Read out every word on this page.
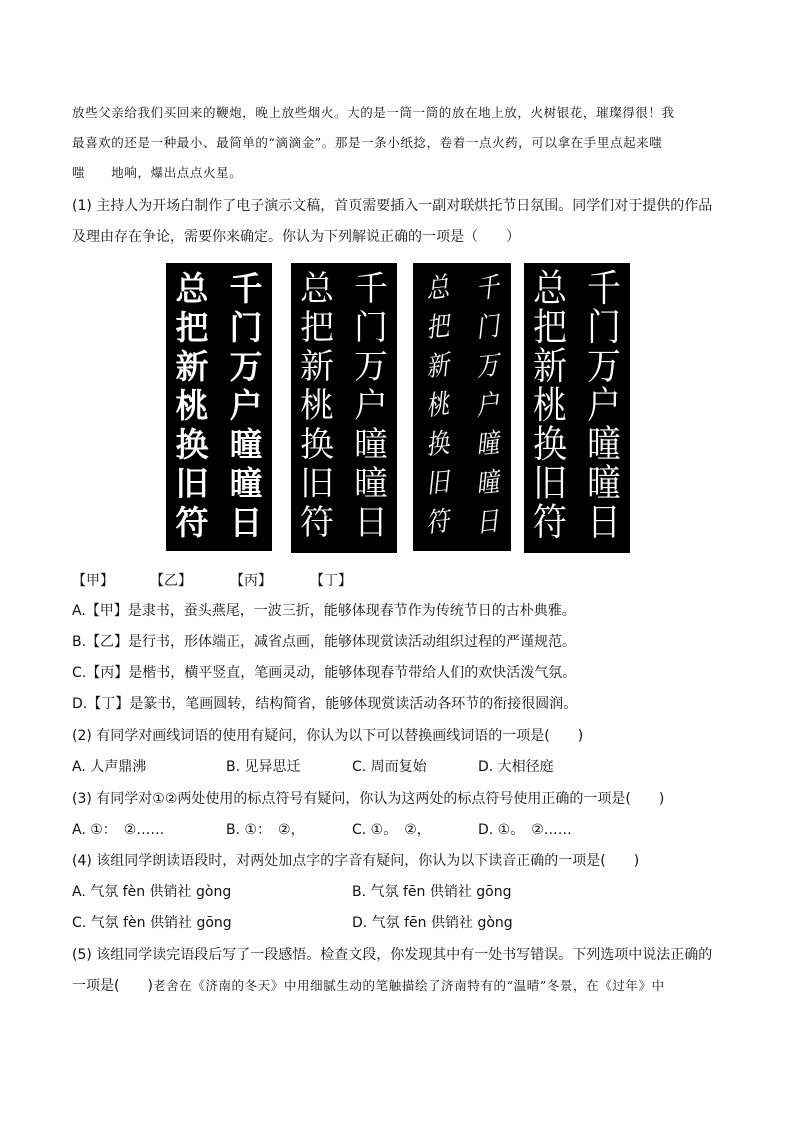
放些父亲给我们买回来的鞭炮，晚上放些烟火。大的是一筒一筒的放在地上放，火树银花，璀璨得很！我
最喜欢的还是一种最小、最简单的“滴滴金”。那是一条小纸捻，卷着一点火药，可以拿在手里点起来嗤
嗤　　地响，爆出点点火星。
(1) 主持人为开场白制作了电子演示文稿，首页需要插入一副对联烘托节日氛围。同学们对于提供的作品
及理由存在争论，需要你来确定。你认为下列解说正确的一项是（　　）
千
门
万
户
曈
曈
日
总
把
新
桃
换
旧
符
千
门
万
户
曈
曈
日
总
把
新
桃
换
旧
符
千
门
万
户
曈
曈
日
总
把
新
桃
换
旧
符
千
门
万
户
曈
曈
日
总
把
新
桃
换
旧
符
【甲】	【乙】	【丙】	【丁】
A.【甲】是隶书，蚕头燕尾，一波三折，能够体现春节作为传统节日的古朴典雅。
B.【乙】是行书，形体端正，减省点画，能够体现赏读活动组织过程的严谨规范。
C.【丙】是楷书，横平竖直，笔画灵动，能够体现春节带给人们的欢快活泼气氛。
D.【丁】是篆书，笔画圆转，结构简省，能够体现赏读活动各环节的衔接很圆润。
(2) 有同学对画线词语的使用有疑问，你认为以下可以替换画线词语的一项是(　　)
A. 人声鼎沸	B. 见异思迁	C. 周而复始	D. 大相径庭
(3) 有同学对①②两处使用的标点符号有疑问，你认为这两处的标点符号使用正确的一项是(　　)
A. ①：　②……	B. ①：　②，	C. ①。　②，	D. ①。　②……
(4) 该组同学朗读语段时，对两处加点字的字音有疑问，你认为以下读音正确的一项是(　　)
A. 气氛 fèn 供销社 gòng	B. 气氛 fēn 供销社 gōng
C. 气氛 fèn 供销社 gōng	D. 气氛 fēn 供销社 gòng
(5) 该组同学读完语段后写了一段感悟。检查文段，你发现其中有一处书写错误。下列选项中说法正确的
一项是(　　)老舍在《济南的冬天》中用细腻生动的笔触描绘了济南特有的“温晴”冬景，在《过年》中
